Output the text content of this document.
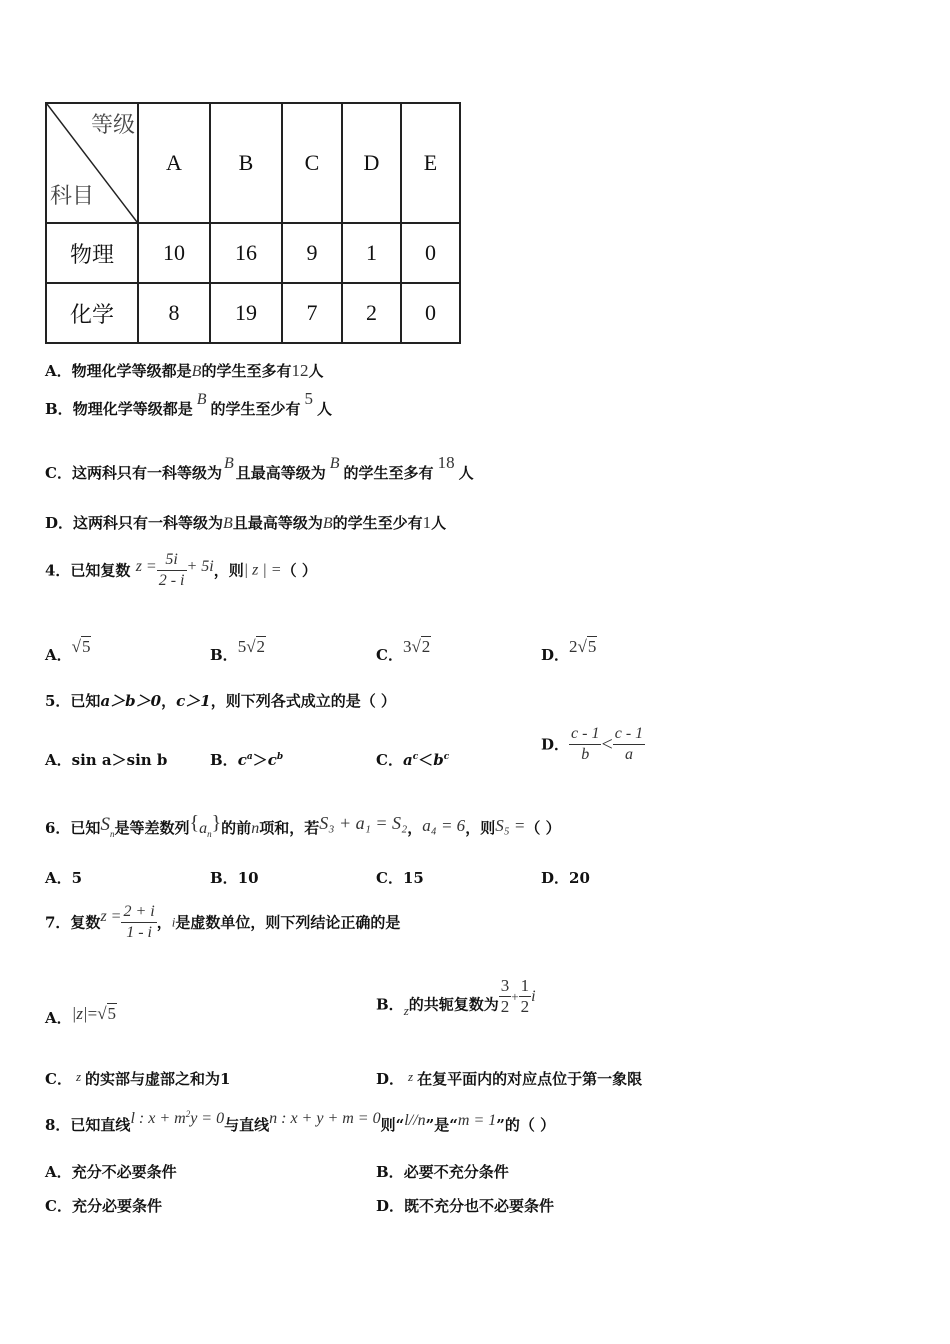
等级
科目	A	B	C	D	E
物理	10	16	9	1	0
化学	8	19	7	2	0
A．物理化学等级都是B的学生至多有12人
B．物理化学等级都是B的学生至少有5人
C．这两科只有一科等级为B且最高等级为B的学生至多有18人
D．这两科只有一科等级为B且最高等级为B的学生至少有1人
4．已知复数 $z = \frac{5i}{2 - i} + 5i$，则| z | =（ ）
A．√5	B．5√2	C．3√2	D．2√5
5．已知a＞b＞0，c＞1，则下列各式成立的是（ ）
A．sin a＞sin b	B．$c^a>c^b$	C．$a^c<b^c$
D． $\frac{c - 1}{b} < \frac{c - 1}{a}$
6．已知$S_n$是等差数列$\{a_n\}$的前n项和，若S₃ + a₁ = S₂，a₄ = 6，则S₅ =（ ）
A．5	B．10	C．15	D．20
7．复数$z = \frac{2 + i}{1 - i}$ ，i是虚数单位，则下列结论正确的是
A．|z|=√5	B．z的共轭复数为 $\frac{3}{2} + \frac{1}{2}$ i
C． z 的实部与虚部之和为1	D． z 在复平面内的对应点位于第一象限
8．已知直线l : $x + m^2y = 0$与直线n : x + y + m = 0则“l//n”是“m = 1”的（ ）
A．充分不必要条件	B．必要不充分条件
C．充分必要条件	D．既不充分也不必要条件
